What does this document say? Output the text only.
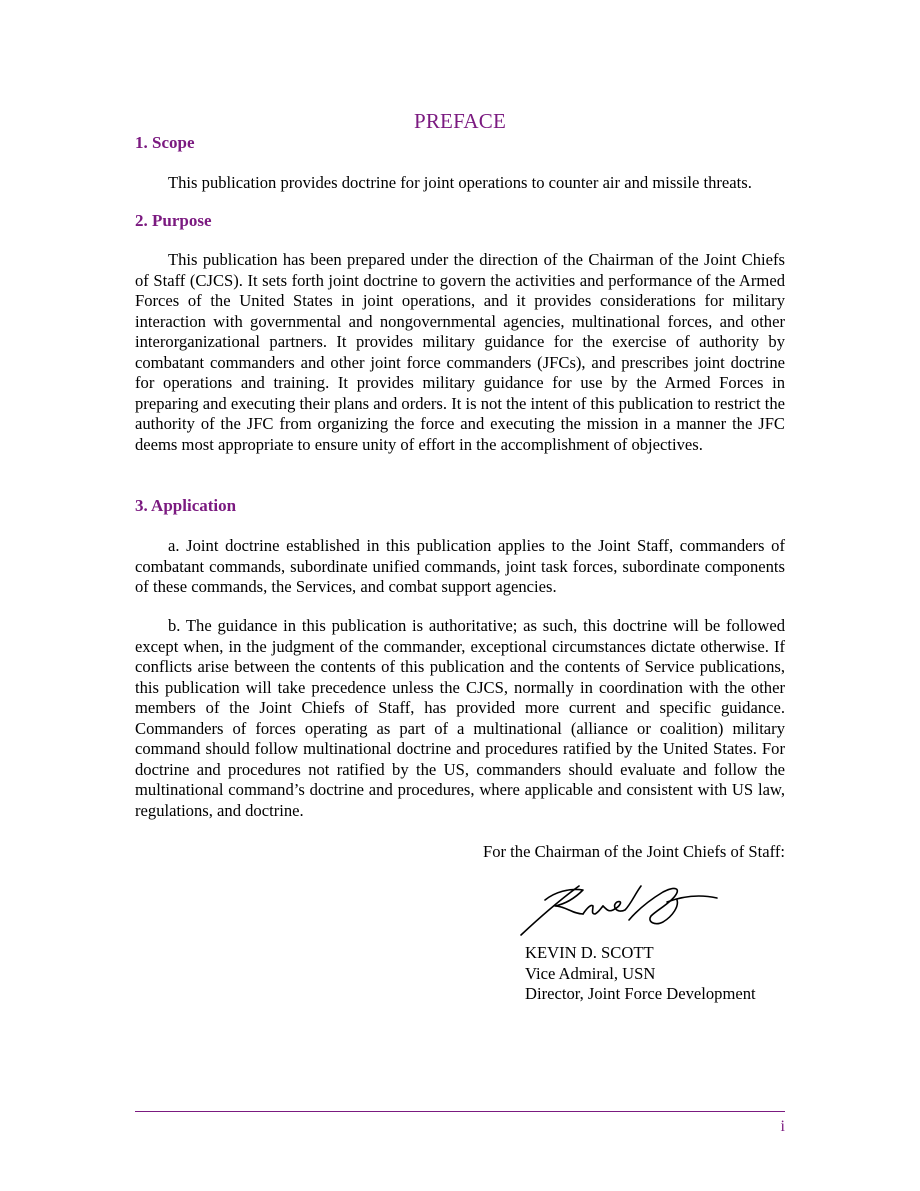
PREFACE
1. Scope
This publication provides doctrine for joint operations to counter air and missile threats.
2. Purpose
This publication has been prepared under the direction of the Chairman of the Joint Chiefs of Staff (CJCS). It sets forth joint doctrine to govern the activities and performance of the Armed Forces of the United States in joint operations, and it provides considerations for military interaction with governmental and nongovernmental agencies, multinational forces, and other interorganizational partners. It provides military guidance for the exercise of authority by combatant commanders and other joint force commanders (JFCs), and prescribes joint doctrine for operations and training. It provides military guidance for use by the Armed Forces in preparing and executing their plans and orders. It is not the intent of this publication to restrict the authority of the JFC from organizing the force and executing the mission in a manner the JFC deems most appropriate to ensure unity of effort in the accomplishment of objectives.
3. Application
a. Joint doctrine established in this publication applies to the Joint Staff, commanders of combatant commands, subordinate unified commands, joint task forces, subordinate components of these commands, the Services, and combat support agencies.
b. The guidance in this publication is authoritative; as such, this doctrine will be followed except when, in the judgment of the commander, exceptional circumstances dictate otherwise. If conflicts arise between the contents of this publication and the contents of Service publications, this publication will take precedence unless the CJCS, normally in coordination with the other members of the Joint Chiefs of Staff, has provided more current and specific guidance. Commanders of forces operating as part of a multinational (alliance or coalition) military command should follow multinational doctrine and procedures ratified by the United States. For doctrine and procedures not ratified by the US, commanders should evaluate and follow the multinational command’s doctrine and procedures, where applicable and consistent with US law, regulations, and doctrine.
For the Chairman of the Joint Chiefs of Staff:
KEVIN D. SCOTT
Vice Admiral, USN
Director, Joint Force Development
i
